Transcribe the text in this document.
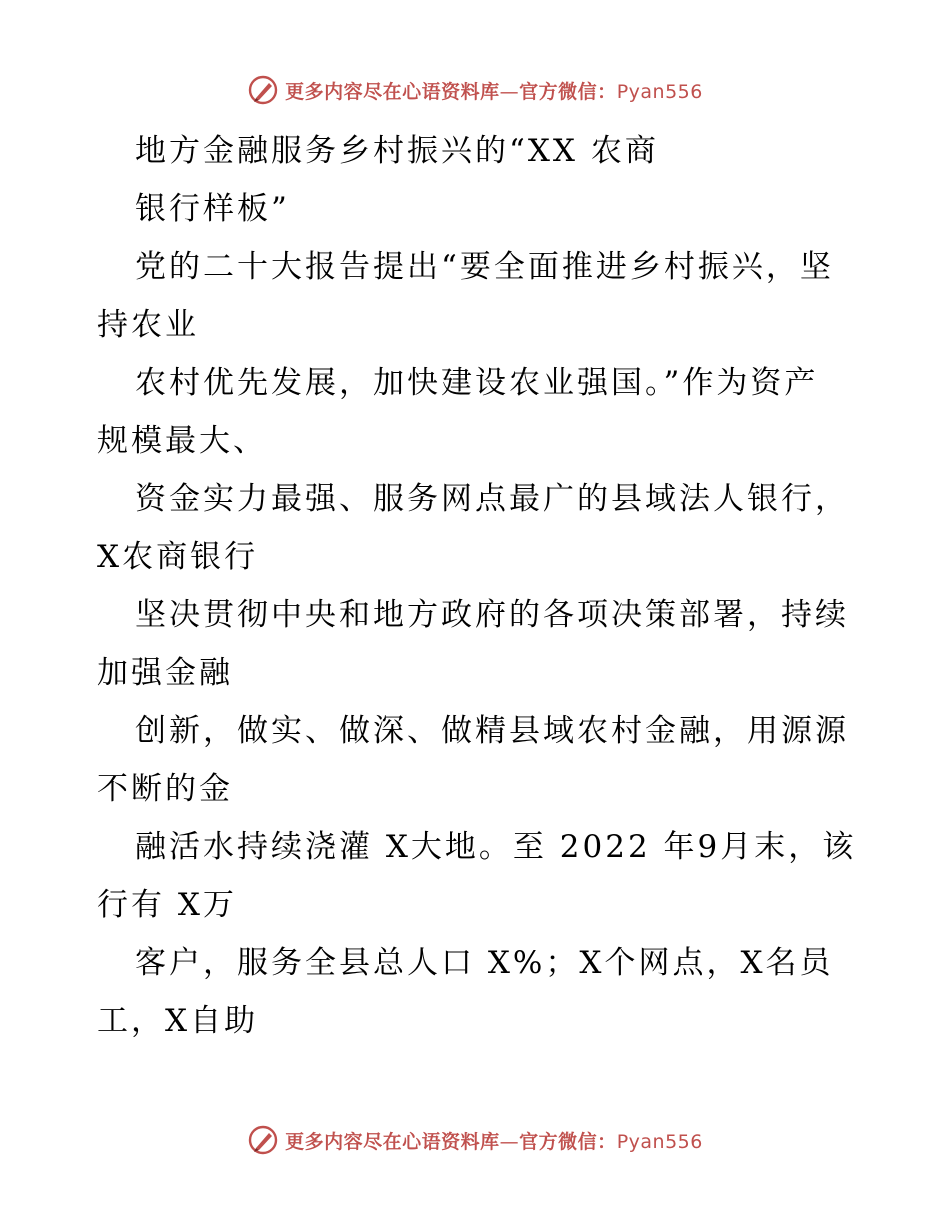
更多内容尽在心语资料库—官方微信：Pyan556
地方金融服务乡村振兴的“XX 农商
银行样板”
党的二十大报告提出“要全面推进乡村振兴，坚
持农业
农村优先发展，加快建设农业强国。”作为资产
规模最大、
资金实力最强、服务网点最广的县域法人银行，
X农商银行
坚决贯彻中央和地方政府的各项决策部署，持续
加强金融
创新，做实、做深、做精县域农村金融，用源源
不断的金
融活水持续浇灌 X大地。至 2022 年9月末，该
行有 X万
客户，服务全县总人口 X%；X个网点，X名员
工，X自助
更多内容尽在心语资料库—官方微信：Pyan556
